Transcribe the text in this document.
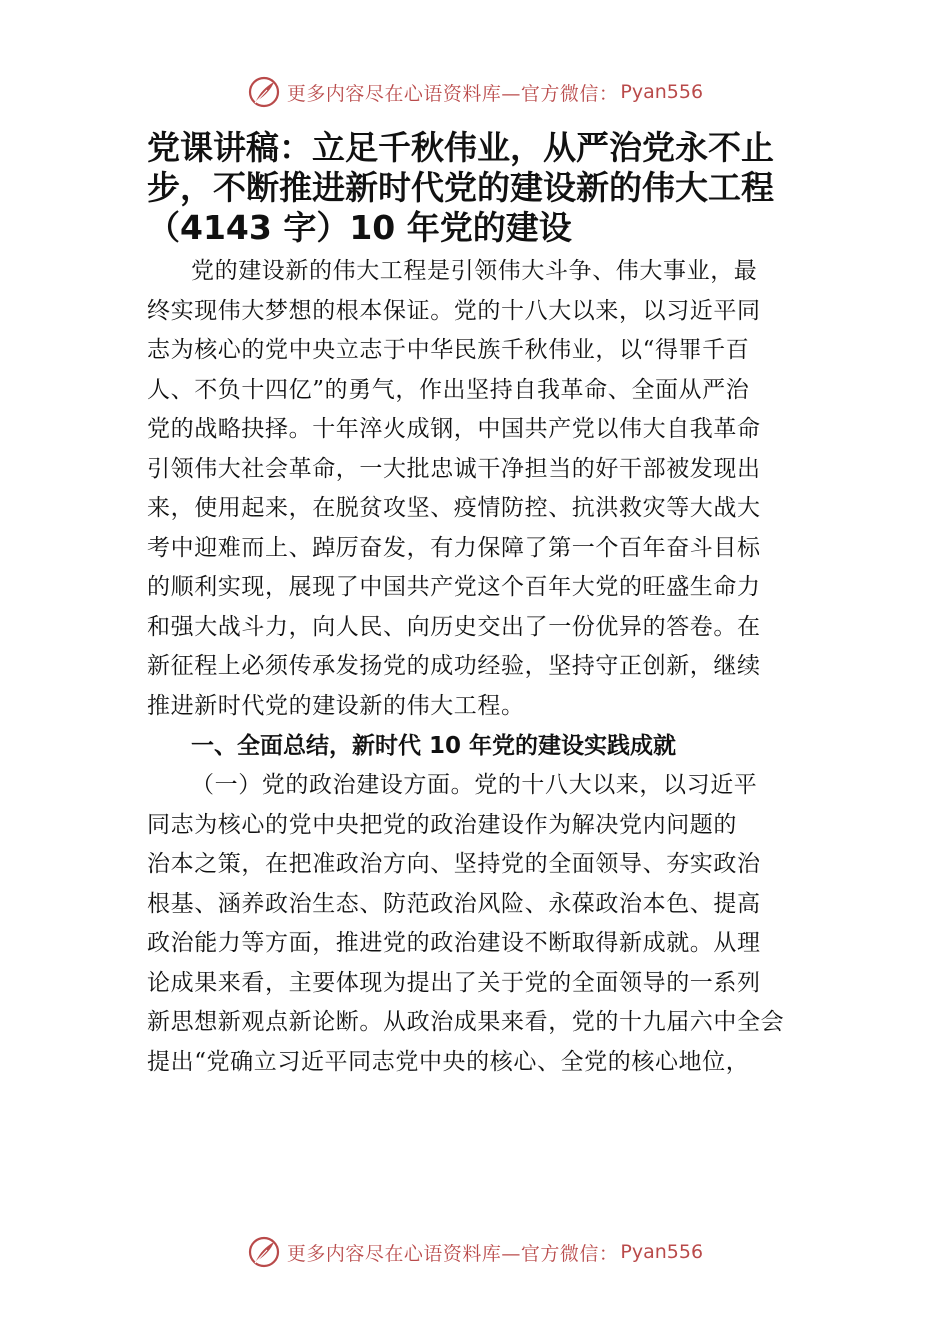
更多内容尽在心语资料库—官方微信： Pyan556
党课讲稿：立足千秋伟业，从严治党永不止
步，不断推进新时代党的建设新的伟大工程
（4143 字）10 年党的建设
党的建设新的伟大工程是引领伟大斗争、伟大事业，最
终实现伟大梦想的根本保证。党的十八大以来，以习近平同
志为核心的党中央立志于中华民族千秋伟业，以“得罪千百
人、不负十四亿”的勇气，作出坚持自我革命、全面从严治
党的战略抉择。十年淬火成钢，中国共产党以伟大自我革命
引领伟大社会革命，一大批忠诚干净担当的好干部被发现出
来，使用起来，在脱贫攻坚、疫情防控、抗洪救灾等大战大
考中迎难而上、踔厉奋发，有力保障了第一个百年奋斗目标
的顺利实现，展现了中国共产党这个百年大党的旺盛生命力
和强大战斗力，向人民、向历史交出了一份优异的答卷。在
新征程上必须传承发扬党的成功经验，坚持守正创新，继续
推进新时代党的建设新的伟大工程。
一、全面总结，新时代 10 年党的建设实践成就
（一）党的政治建设方面。党的十八大以来，以习近平
同志为核心的党中央把党的政治建设作为解决党内问题的
治本之策，在把准政治方向、坚持党的全面领导、夯实政治
根基、涵养政治生态、防范政治风险、永葆政治本色、提高
政治能力等方面，推进党的政治建设不断取得新成就。从理
论成果来看，主要体现为提出了关于党的全面领导的一系列
新思想新观点新论断。从政治成果来看，党的十九届六中全会
提出“党确立习近平同志党中央的核心、全党的核心地位，
更多内容尽在心语资料库—官方微信： Pyan556
